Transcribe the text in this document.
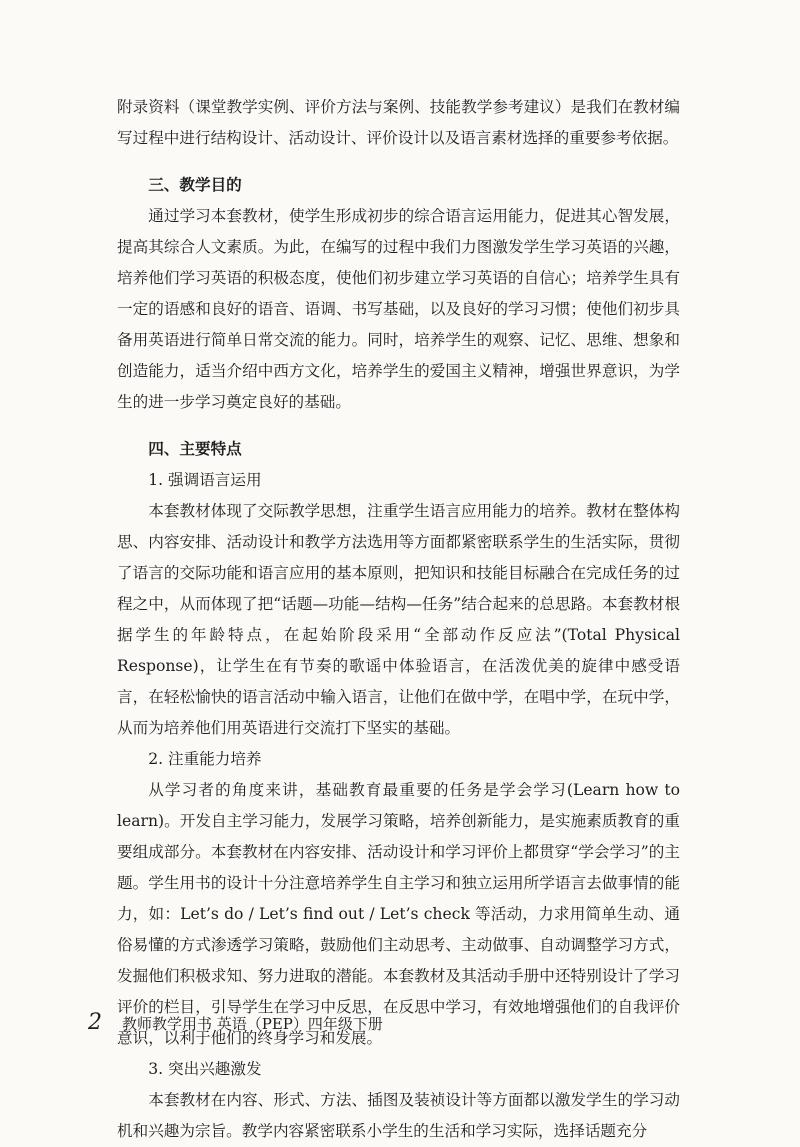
附录资料（课堂教学实例、评价方法与案例、技能教学参考建议）是我们在教材编写过程中进行结构设计、活动设计、评价设计以及语言素材选择的重要参考依据。

三、教学目的

通过学习本套教材，使学生形成初步的综合语言运用能力，促进其心智发展，提高其综合人文素质。为此，在编写的过程中我们力图激发学生学习英语的兴趣，培养他们学习英语的积极态度，使他们初步建立学习英语的自信心；培养学生具有一定的语感和良好的语音、语调、书写基础，以及良好的学习习惯；使他们初步具备用英语进行简单日常交流的能力。同时，培养学生的观察、记忆、思维、想象和创造能力，适当介绍中西方文化，培养学生的爱国主义精神，增强世界意识，为学生的进一步学习奠定良好的基础。

四、主要特点
1. 强调语言运用

本套教材体现了交际教学思想，注重学生语言应用能力的培养。教材在整体构思、内容安排、活动设计和教学方法选用等方面都紧密联系学生的生活实际，贯彻了语言的交际功能和语言应用的基本原则，把知识和技能目标融合在完成任务的过程之中，从而体现了把“话题—功能—结构—任务”结合起来的总思路。本套教材根据学生的年龄特点，在起始阶段采用“全部动作反应法”(Total Physical Response)，让学生在有节奏的歌谣中体验语言，在活泼优美的旋律中感受语言，在轻松愉快的语言活动中输入语言，让他们在做中学，在唱中学，在玩中学，从而为培养他们用英语进行交流打下坚实的基础。

2. 注重能力培养

从学习者的角度来讲，基础教育最重要的任务是学会学习(Learn how to learn)。开发自主学习能力，发展学习策略，培养创新能力，是实施素质教育的重要组成部分。本套教材在内容安排、活动设计和学习评价上都贯穿“学会学习”的主题。学生用书的设计十分注意培养学生自主学习和独立运用所学语言去做事情的能力，如：Let’s do / Let’s find out / Let’s check 等活动，力求用简单生动、通俗易懂的方式渗透学习策略，鼓励他们主动思考、主动做事、自动调整学习方式，发掘他们积极求知、努力进取的潜能。本套教材及其活动手册中还特别设计了学习评价的栏目，引导学生在学习中反思，在反思中学习，有效地增强他们的自我评价意识，以利于他们的终身学习和发展。

3. 突出兴趣激发

本套教材在内容、形式、方法、插图及装祯设计等方面都以激发学生的学习动机和兴趣为宗旨。教学内容紧密联系小学生的生活和学习实际，选择话题充分

2 教师教学用书 英语（PEP）四年级下册
